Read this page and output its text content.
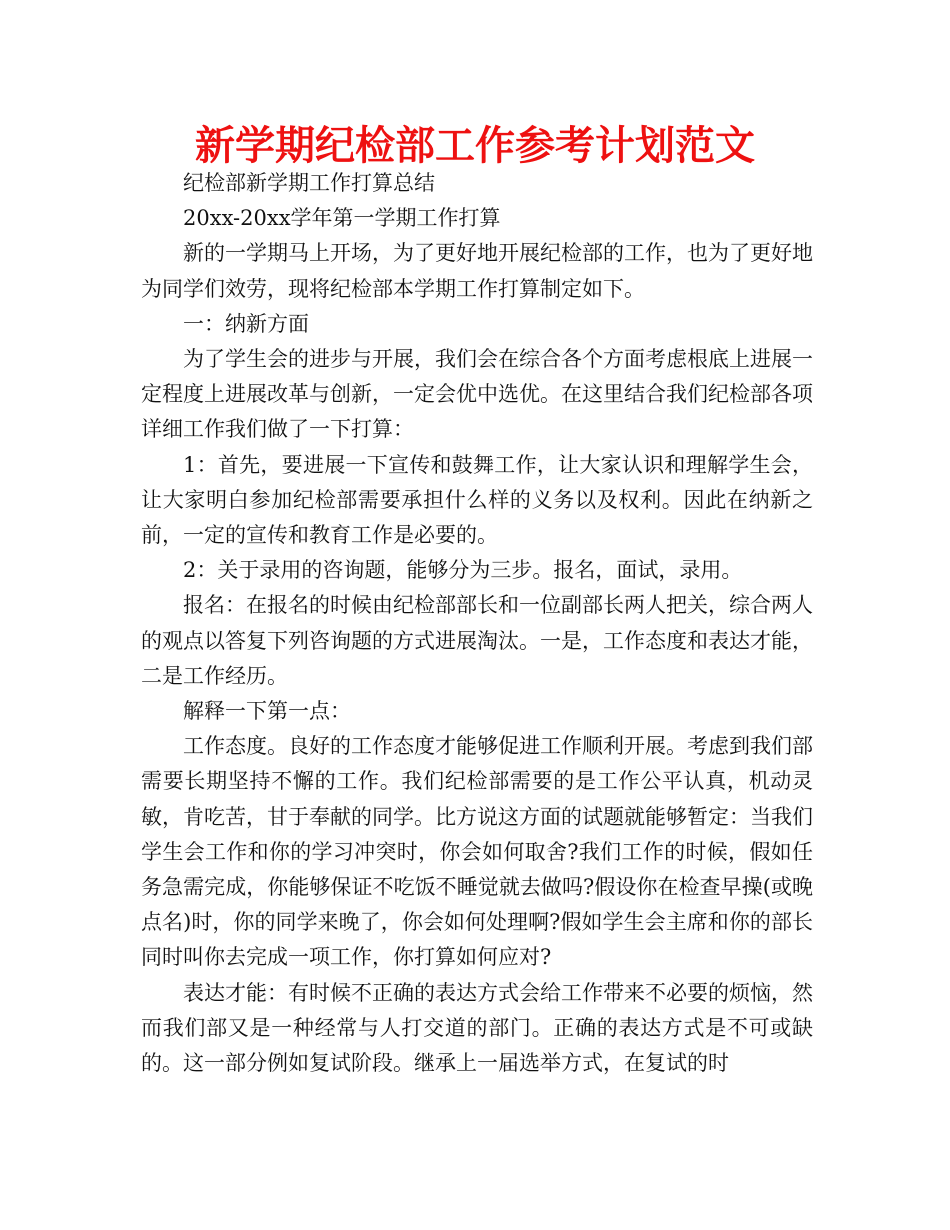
新学期纪检部工作参考计划范文

纪检部新学期工作打算总结

20xx-20xx学年第一学期工作打算

新的一学期马上开场，为了更好地开展纪检部的工作，也为了更好地为同学们效劳，现将纪检部本学期工作打算制定如下。

一：纳新方面

为了学生会的进步与开展，我们会在综合各个方面考虑根底上进展一定程度上进展改革与创新，一定会优中选优。在这里结合我们纪检部各项详细工作我们做了一下打算：

1：首先，要进展一下宣传和鼓舞工作，让大家认识和理解学生会，让大家明白参加纪检部需要承担什么样的义务以及权利。因此在纳新之前，一定的宣传和教育工作是必要的。

2：关于录用的咨询题，能够分为三步。报名，面试，录用。

报名：在报名的时候由纪检部部长和一位副部长两人把关，综合两人的观点以答复下列咨询题的方式进展淘汰。一是，工作态度和表达才能，二是工作经历。

解释一下第一点：

工作态度。良好的工作态度才能够促进工作顺利开展。考虑到我们部需要长期坚持不懈的工作。我们纪检部需要的是工作公平认真，机动灵敏，肯吃苦，甘于奉献的同学。比方说这方面的试题就能够暂定：当我们学生会工作和你的学习冲突时，你会如何取舍?我们工作的时候，假如任务急需完成，你能够保证不吃饭不睡觉就去做吗?假设你在检查早操(或晚点名)时，你的同学来晚了，你会如何处理啊?假如学生会主席和你的部长同时叫你去完成一项工作，你打算如何应对?

表达才能：有时候不正确的表达方式会给工作带来不必要的烦恼，然而我们部又是一种经常与人打交道的部门。正确的表达方式是不可或缺的。这一部分例如复试阶段。继承上一届选举方式，在复试的时
